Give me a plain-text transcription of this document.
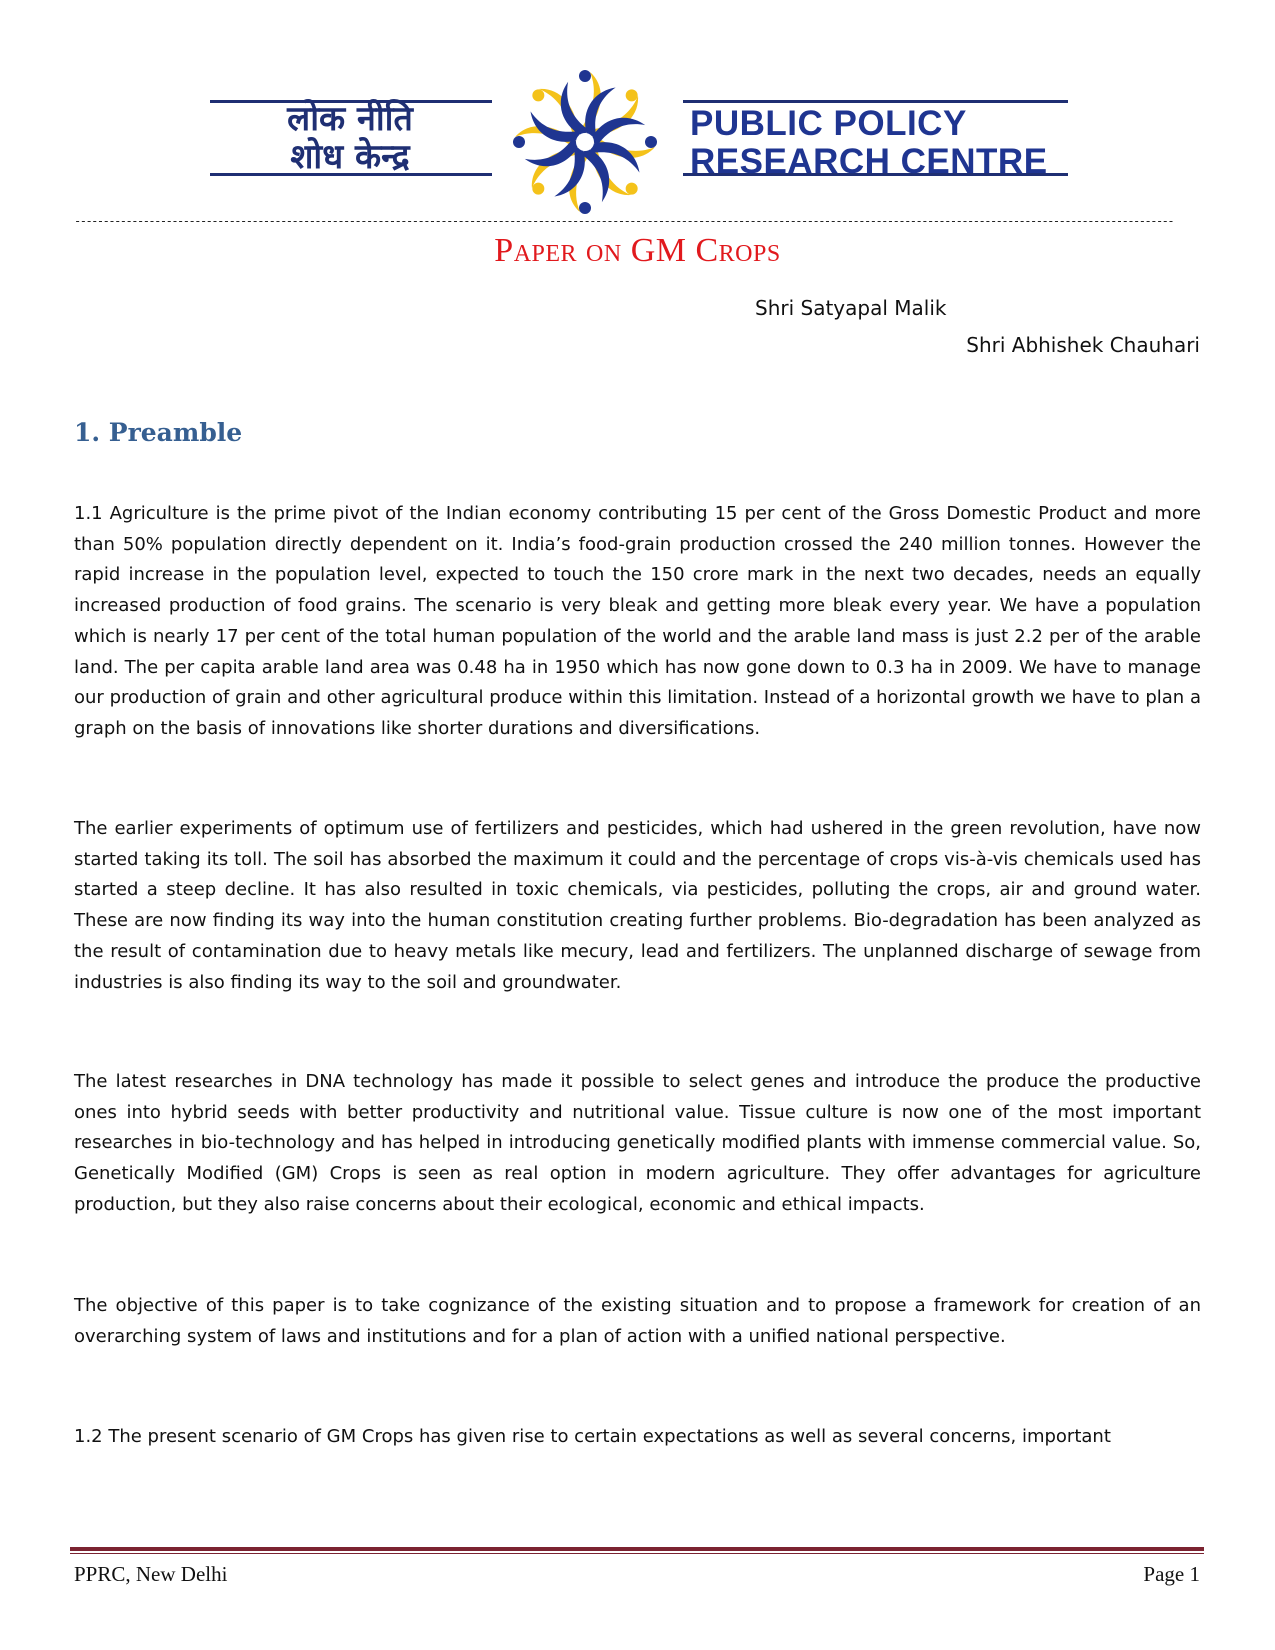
लोक नीति
शोध केन्द्र
PUBLIC POLICY
RESEARCH CENTRE
------------------------------------------------------------------------------------------------------------------------------------------------------------------------------------------------
Paper on GM Crops
Shri Satyapal Malik
Shri Abhishek Chauhari
1. Preamble

1.1 Agriculture is the prime pivot of the Indian economy contributing 15 per cent of the Gross Domestic Product and more than 50% population directly dependent on it. India’s food-grain production crossed the 240 million tonnes. However the rapid increase in the population level, expected to touch the 150 crore mark in the next two decades, needs an equally increased production of food grains. The scenario is very bleak and getting more bleak every year. We have a population which is nearly 17 per cent of the total human population of the world and the arable land mass is just 2.2 per of the arable land. The per capita arable land area was 0.48 ha in 1950 which has now gone down to 0.3 ha in 2009. We have to manage our production of grain and other agricultural produce within this limitation. Instead of a horizontal growth we have to plan a graph on the basis of innovations like shorter durations and diversifications.

The earlier experiments of optimum use of fertilizers and pesticides, which had ushered in the green revolution, have now started taking its toll. The soil has absorbed the maximum it could and the percentage of crops vis-à-vis chemicals used has started a steep decline. It has also resulted in toxic chemicals, via pesticides, polluting the crops, air and ground water. These are now finding its way into the human constitution creating further problems. Bio-degradation has been analyzed as the result of contamination due to heavy metals like mecury, lead and fertilizers. The unplanned discharge of sewage from industries is also finding its way to the soil and groundwater.

The latest researches in DNA technology has made it possible to select genes and introduce the produce the productive ones into hybrid seeds with better productivity and nutritional value. Tissue culture is now one of the most important researches in bio-technology and has helped in introducing genetically modified plants with immense commercial value. So, Genetically Modified (GM) Crops is seen as real option in modern agriculture. They offer advantages for agriculture production, but they also raise concerns about their ecological, economic and ethical impacts.

The objective of this paper is to take cognizance of the existing situation and to propose a framework for creation of an overarching system of laws and institutions and for a plan of action with a unified national perspective.

1.2 The present scenario of GM Crops has given rise to certain expectations as well as several concerns, important

PPRC, New Delhi	Page 1
